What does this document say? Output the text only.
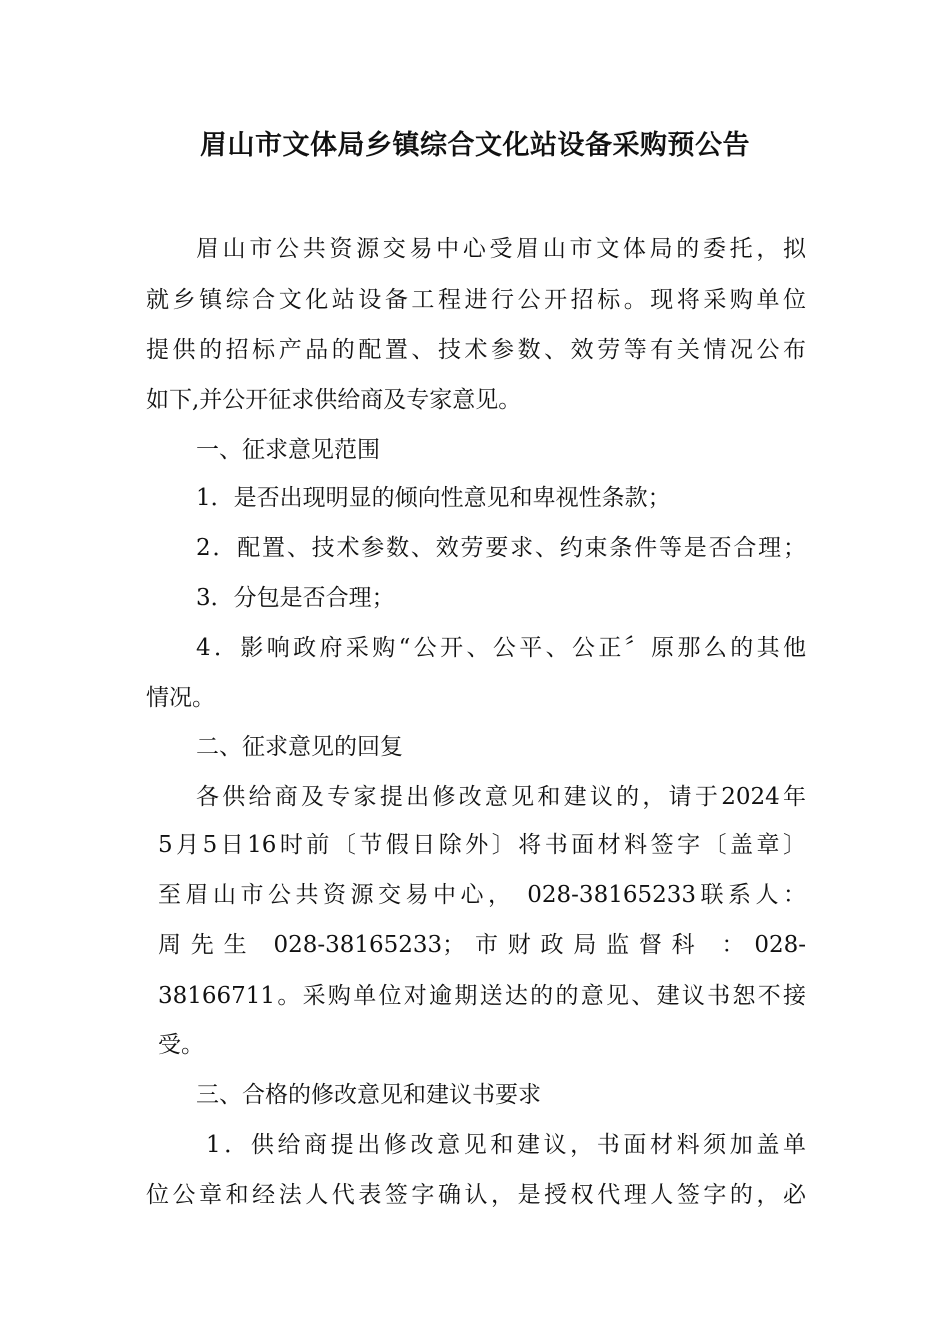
眉山市文体局乡镇综合文化站设备采购预公告
眉山市公共资源交易中心受眉山市文体局的委托，拟
就乡镇综合文化站设备工程进行公开招标。现将采购单位
提供的招标产品的配置、技术参数、效劳等有关情况公布
如下,并公开征求供给商及专家意见。
一、征求意见范围
1．是否出现明显的倾向性意见和卑视性条款；
2．配置、技术参数、效劳要求、约束条件等是否合理；
3．分包是否合理；
4．影响政府采购“公开、公平、公正〞原那么的其他
情况。
二、征求意见的回复
各供给商及专家提出修改意见和建议的，请于2024年
5月5日16时前〔节假日除外〕将书面材料签字〔盖章〕
至眉山市公共资源交易中心， 028-38165233联系人：
周先生 028-38165233；市财政局监督科 ：028-
38166711。采购单位对逾期送达的的意见、建议书恕不接
受。
三、合格的修改意见和建议书要求
1．供给商提出修改意见和建议，书面材料须加盖单
位公章和经法人代表签字确认，是授权代理人签字的，必
